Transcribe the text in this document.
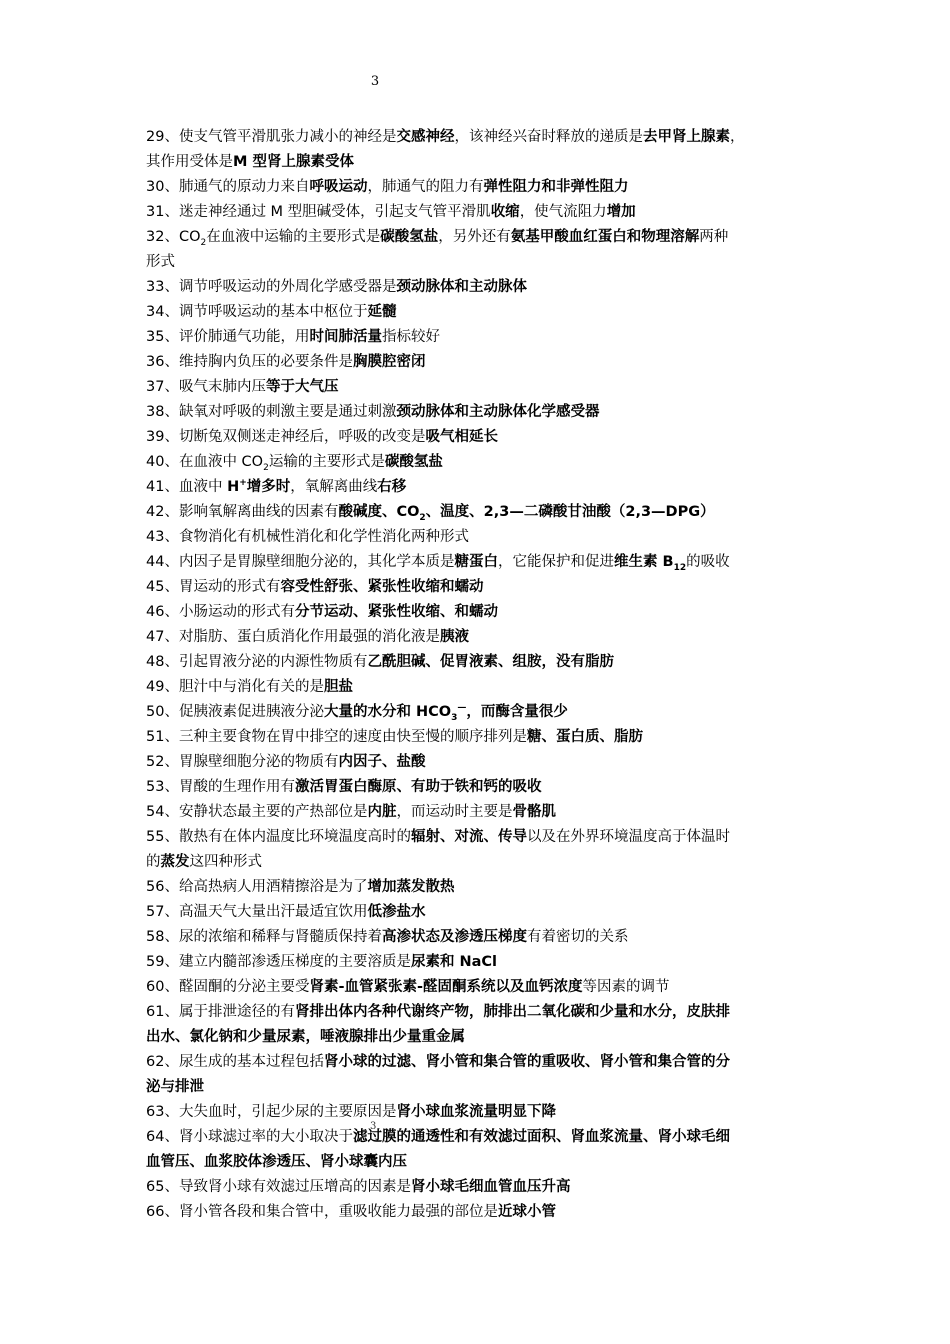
3
29、使支气管平滑肌张力减小的神经是交感神经，该神经兴奋时释放的递质是去甲肾上腺素，
其作用受体是M 型肾上腺素受体
30、肺通气的原动力来自呼吸运动，肺通气的阻力有弹性阻力和非弹性阻力
31、迷走神经通过 M 型胆碱受体，引起支气管平滑肌收缩，使气流阻力增加
32、$CO_2$在血液中运输的主要形式是碳酸氢盐，另外还有氨基甲酸血红蛋白和物理溶解两种
形式
33、调节呼吸运动的外周化学感受器是颈动脉体和主动脉体
34、调节呼吸运动的基本中枢位于延髓
35、评价肺通气功能，用时间肺活量指标较好
36、维持胸内负压的必要条件是胸膜腔密闭
37、吸气末肺内压等于大气压
38、缺氧对呼吸的刺激主要是通过刺激颈动脉体和主动脉体化学感受器
39、切断兔双侧迷走神经后，呼吸的改变是吸气相延长
40、在血液中 $CO_2$运输的主要形式是碳酸氢盐
41、血液中 H+增多时，氧解离曲线右移
42、影响氧解离曲线的因素有酸碱度、$CO_2$、温度、2,3—二磷酸甘油酸（2,3—DPG）
43、食物消化有机械性消化和化学性消化两种形式
44、内因子是胃腺壁细胞分泌的，其化学本质是糖蛋白，它能保护和促进维生素 $B_{12}$的吸收
45、胃运动的形式有容受性舒张、紧张性收缩和蠕动
46、小肠运动的形式有分节运动、紧张性收缩、和蠕动
47、对脂肪、蛋白质消化作用最强的消化液是胰液
48、引起胃液分泌的内源性物质有乙酰胆碱、促胃液素、组胺，没有脂肪
49、胆汁中与消化有关的是胆盐
50、促胰液素促进胰液分泌大量的水分和 $HCO_3^—$，而酶含量很少
51、三种主要食物在胃中排空的速度由快至慢的顺序排列是糖、蛋白质、脂肪
52、胃腺壁细胞分泌的物质有内因子、盐酸
53、胃酸的生理作用有激活胃蛋白酶原、有助于铁和钙的吸收
54、安静状态最主要的产热部位是内脏，而运动时主要是骨骼肌
55、散热有在体内温度比环境温度高时的辐射、对流、传导以及在外界环境温度高于体温时
的蒸发这四种形式
56、给高热病人用酒精擦浴是为了增加蒸发散热
57、高温天气大量出汗最适宜饮用低渗盐水
58、尿的浓缩和稀释与肾髓质保持着高渗状态及渗透压梯度有着密切的关系
59、建立内髓部渗透压梯度的主要溶质是尿素和 NaCl
60、醛固酮的分泌主要受肾素-血管紧张素-醛固酮系统以及血钙浓度等因素的调节
61、属于排泄途径的有肾排出体内各种代谢终产物，肺排出二氧化碳和少量和水分，皮肤排
出水、氯化钠和少量尿素，唾液腺排出少量重金属
62、尿生成的基本过程包括肾小球的过滤、肾小管和集合管的重吸收、肾小管和集合管的分
泌与排泄
63、大失血时，引起少尿的主要原因是肾小球血浆流量明显下降
64、肾小球滤过率的大小取决于滤过膜的通透性和有效滤过面积、肾血浆流量、肾小球毛细
血管压、血浆胶体渗透压、肾小球囊内压
65、导致肾小球有效滤过压增高的因素是肾小球毛细血管血压升高
66、肾小管各段和集合管中，重吸收能力最强的部位是近球小管
3
